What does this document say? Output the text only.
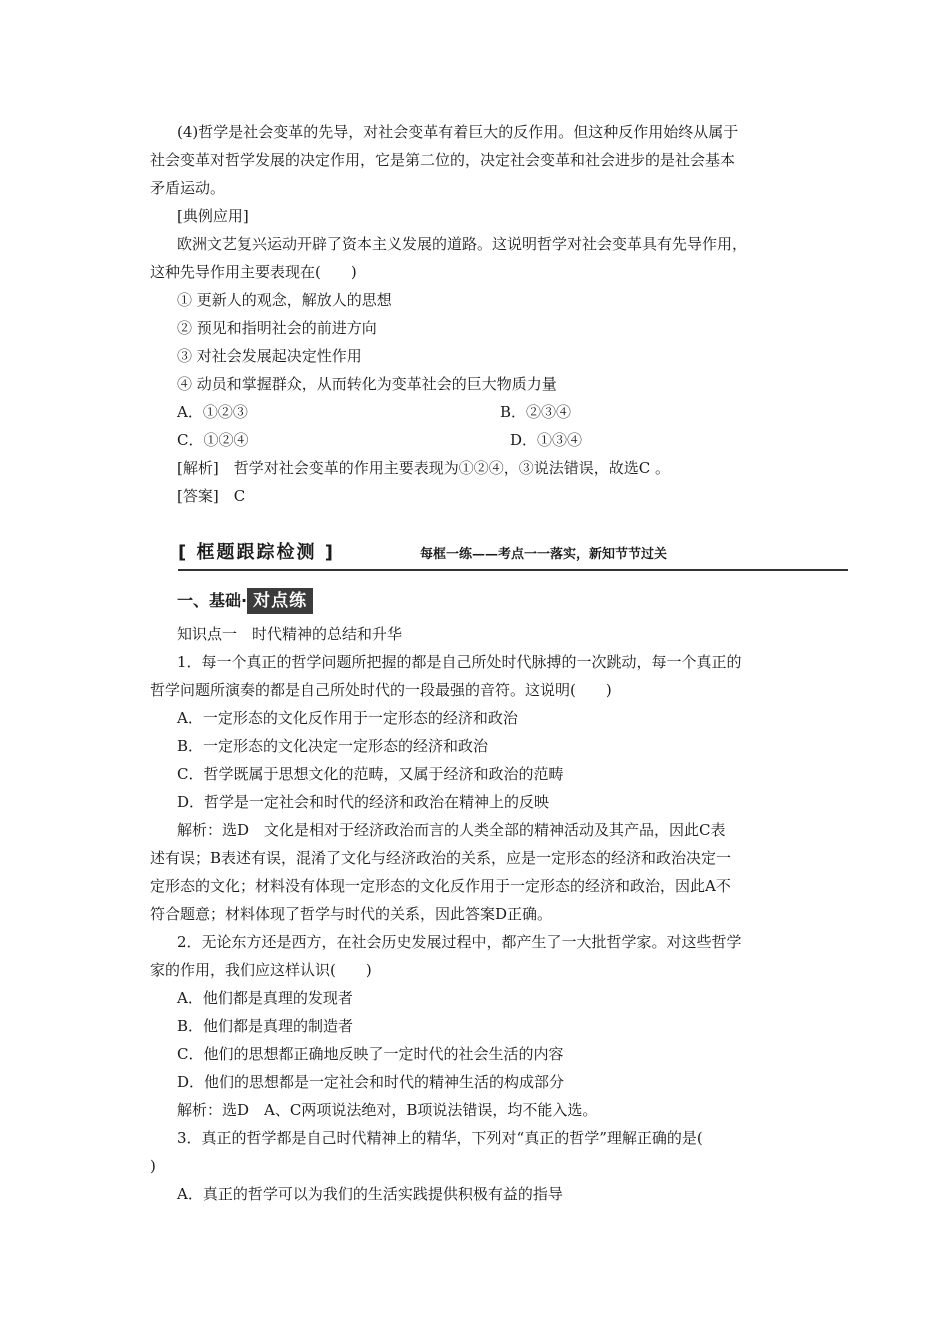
(4)哲学是社会变革的先导，对社会变革有着巨大的反作用。但这种反作用始终从属于
社会变革对哲学发展的决定作用，它是第二位的，决定社会变革和社会进步的是社会基本
矛盾运动。
[典例应用]
欧洲文艺复兴运动开辟了资本主义发展的道路。这说明哲学对社会变革具有先导作用，
这种先导作用主要表现在(　　)
① 更新人的观念，解放人的思想
② 预见和指明社会的前进方向
③ 对社会发展起决定性作用
④ 动员和掌握群众，从而转化为变革社会的巨大物质力量
A．①②③	B．②③④
C．①②④	D．①③④
[解析]　哲学对社会变革的作用主要表现为①②④，③说法错误，故选C 。
[答案]　C
[ 框题跟踪检测 ]	每框一练——考点一一落实，新知节节过关
一、基础· 对点练
知识点一　时代精神的总结和升华
1．每一个真正的哲学问题所把握的都是自己所处时代脉搏的一次跳动，每一个真正的
哲学问题所演奏的都是自己所处时代的一段最强的音符。这说明(　　)
A．一定形态的文化反作用于一定形态的经济和政治
B．一定形态的文化决定一定形态的经济和政治
C．哲学既属于思想文化的范畴，又属于经济和政治的范畴
D．哲学是一定社会和时代的经济和政治在精神上的反映
解析：选D　文化是相对于经济政治而言的人类全部的精神活动及其产品，因此C表
述有误；B表述有误，混淆了文化与经济政治的关系，应是一定形态的经济和政治决定一
定形态的文化；材料没有体现一定形态的文化反作用于一定形态的经济和政治，因此A不
符合题意；材料体现了哲学与时代的关系，因此答案D正确。
2．无论东方还是西方，在社会历史发展过程中，都产生了一大批哲学家。对这些哲学
家的作用，我们应这样认识(　　)
A．他们都是真理的发现者
B．他们都是真理的制造者
C．他们的思想都正确地反映了一定时代的社会生活的内容
D．他们的思想都是一定社会和时代的精神生活的构成部分
解析：选D　A、C两项说法绝对，B项说法错误，均不能入选。
3．真正的哲学都是自己时代精神上的精华，下列对“真正的哲学”理解正确的是(
)
A．真正的哲学可以为我们的生活实践提供积极有益的指导
